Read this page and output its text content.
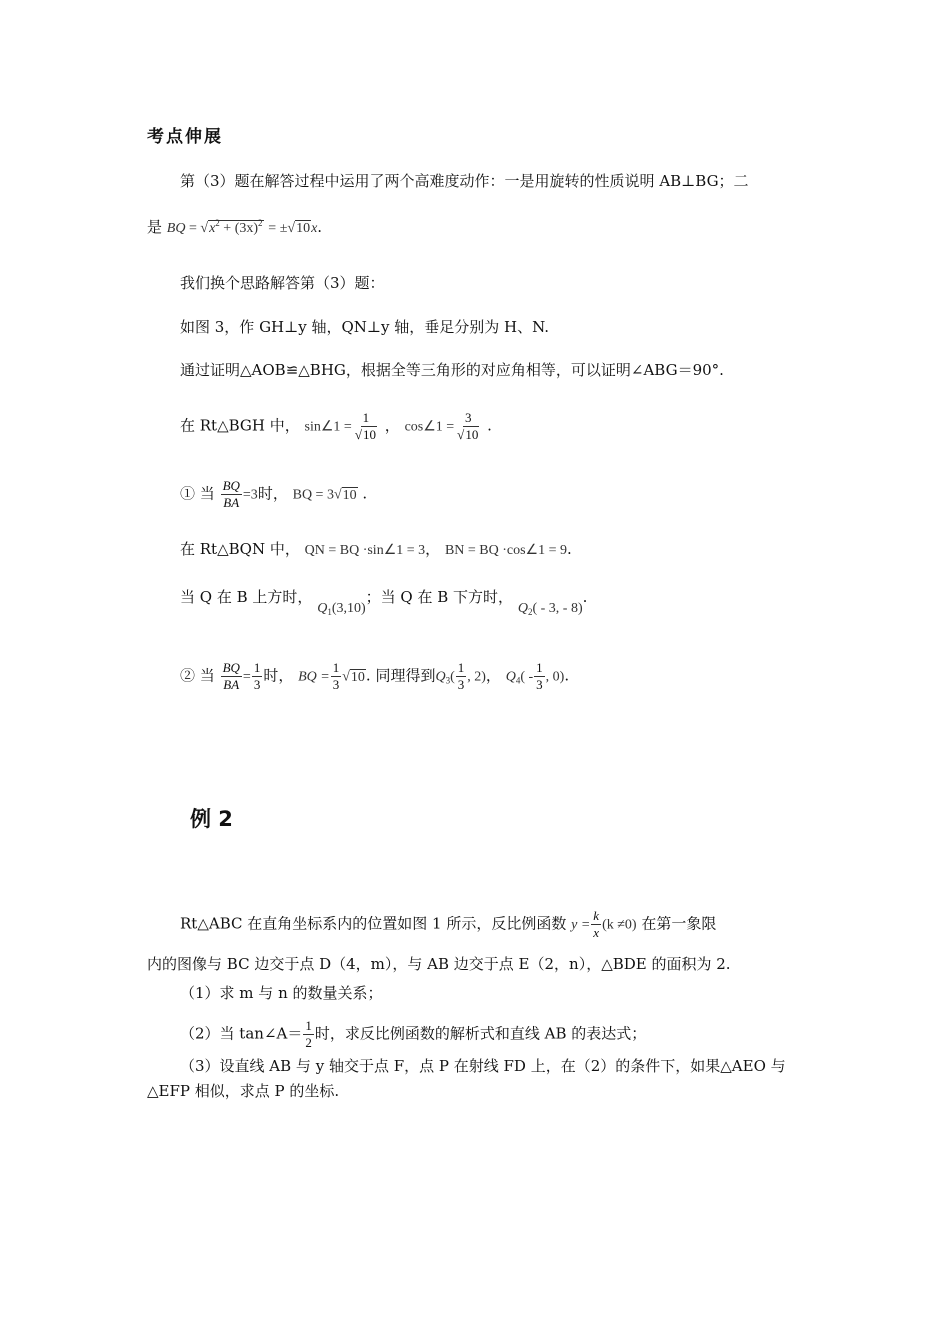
考点伸展
第（3）题在解答过程中运用了两个高难度动作：一是用旋转的性质说明 AB⊥BG；二
是 BQ = $√x^2 + (3x)^2 = \pm√10x$.
我们换个思路解答第（3）题：
如图 3，作 GH⊥y 轴，QN⊥y 轴，垂足分别为 H、N.
通过证明△AOB≌△BHG，根据全等三角形的对应角相等，可以证明∠ABG＝90°.
在 Rt△BGH 中， sin∠1 = $\frac{1}{√10}$ ， cos∠1 = $\frac{3}{√10}$ .
① 当 $\frac{BQ}{BA} =3$时， BQ = 3√10 .
在 Rt△BQN 中， QN = BQ ·sin∠1 = 3， BN = BQ ·cos∠1 = 9.
当 Q 在 B 上方时， $Q_1(3,10)$；当 Q 在 B 下方时， $Q_2( - 3$, - 8).
② 当 $\frac{BQ}{BA} = \frac{1}{3}$ 时， BQ = $\frac{1}{3} √10$. 同理得到$Q_3( \frac{1}{3}$ , 2)， $Q_4( - \frac{1}{3}$ , 0).
例 2
Rt△ABC 在直角坐标系内的位置如图 1 所示，反比例函数 $y = \frac{k}{x} (k \ne 0)$ 在第一象限
内的图像与 BC 边交于点 D（4，m），与 AB 边交于点 E（2，n），△BDE 的面积为 2.
（1）求 m 与 n 的数量关系；
（2）当 tan∠A＝ $\frac{1}{2}$ 时，求反比例函数的解析式和直线 AB 的表达式；
（3）设直线 AB 与 y 轴交于点 F，点 P 在射线 FD 上，在（2）的条件下，如果△AEO 与
△EFP 相似，求点 P 的坐标.
